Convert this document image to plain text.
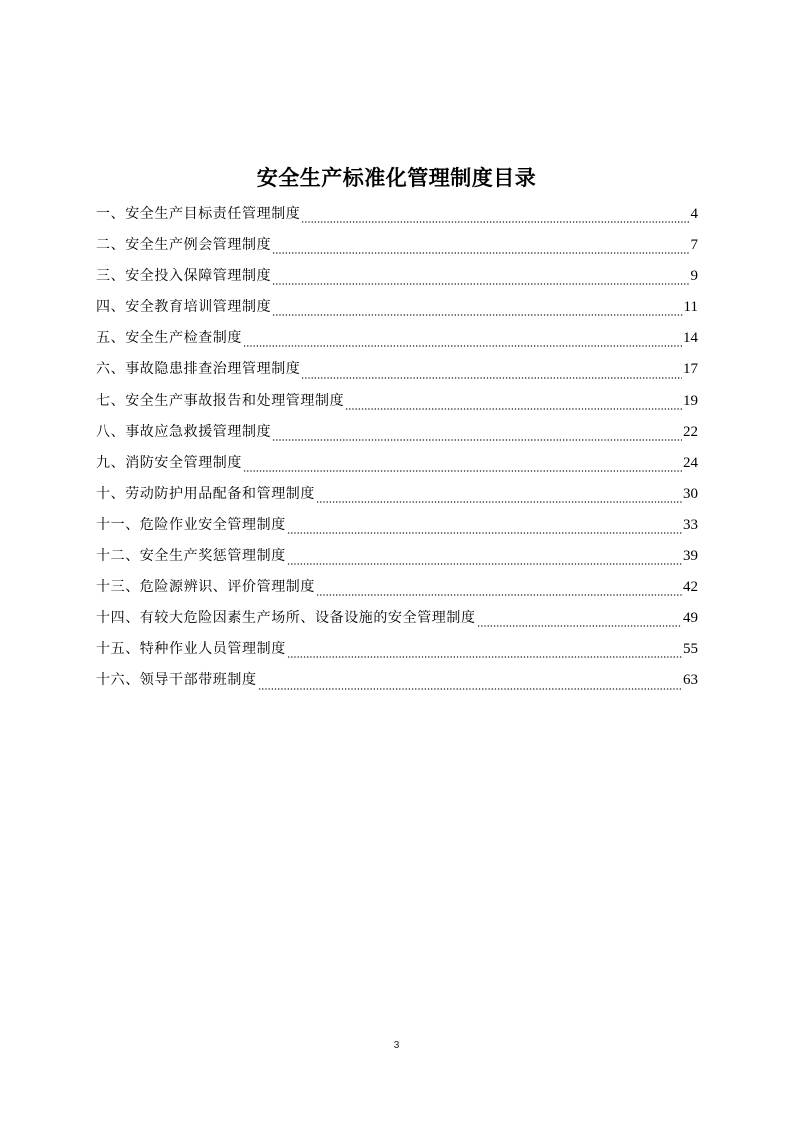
安全生产标准化管理制度目录
一、安全生产目标责任管理制度	4
二、安全生产例会管理制度	7
三、安全投入保障管理制度	9
四、安全教育培训管理制度	11
五、安全生产检查制度	14
六、事故隐患排查治理管理制度	17
七、安全生产事故报告和处理管理制度	19
八、事故应急救援管理制度	22
九、消防安全管理制度	24
十、劳动防护用品配备和管理制度	30
十一、危险作业安全管理制度	33
十二、安全生产奖惩管理制度	39
十三、危险源辨识、评价管理制度	42
十四、有较大危险因素生产场所、设备设施的安全管理制度	49
十五、特种作业人员管理制度	55
十六、领导干部带班制度	63
3
